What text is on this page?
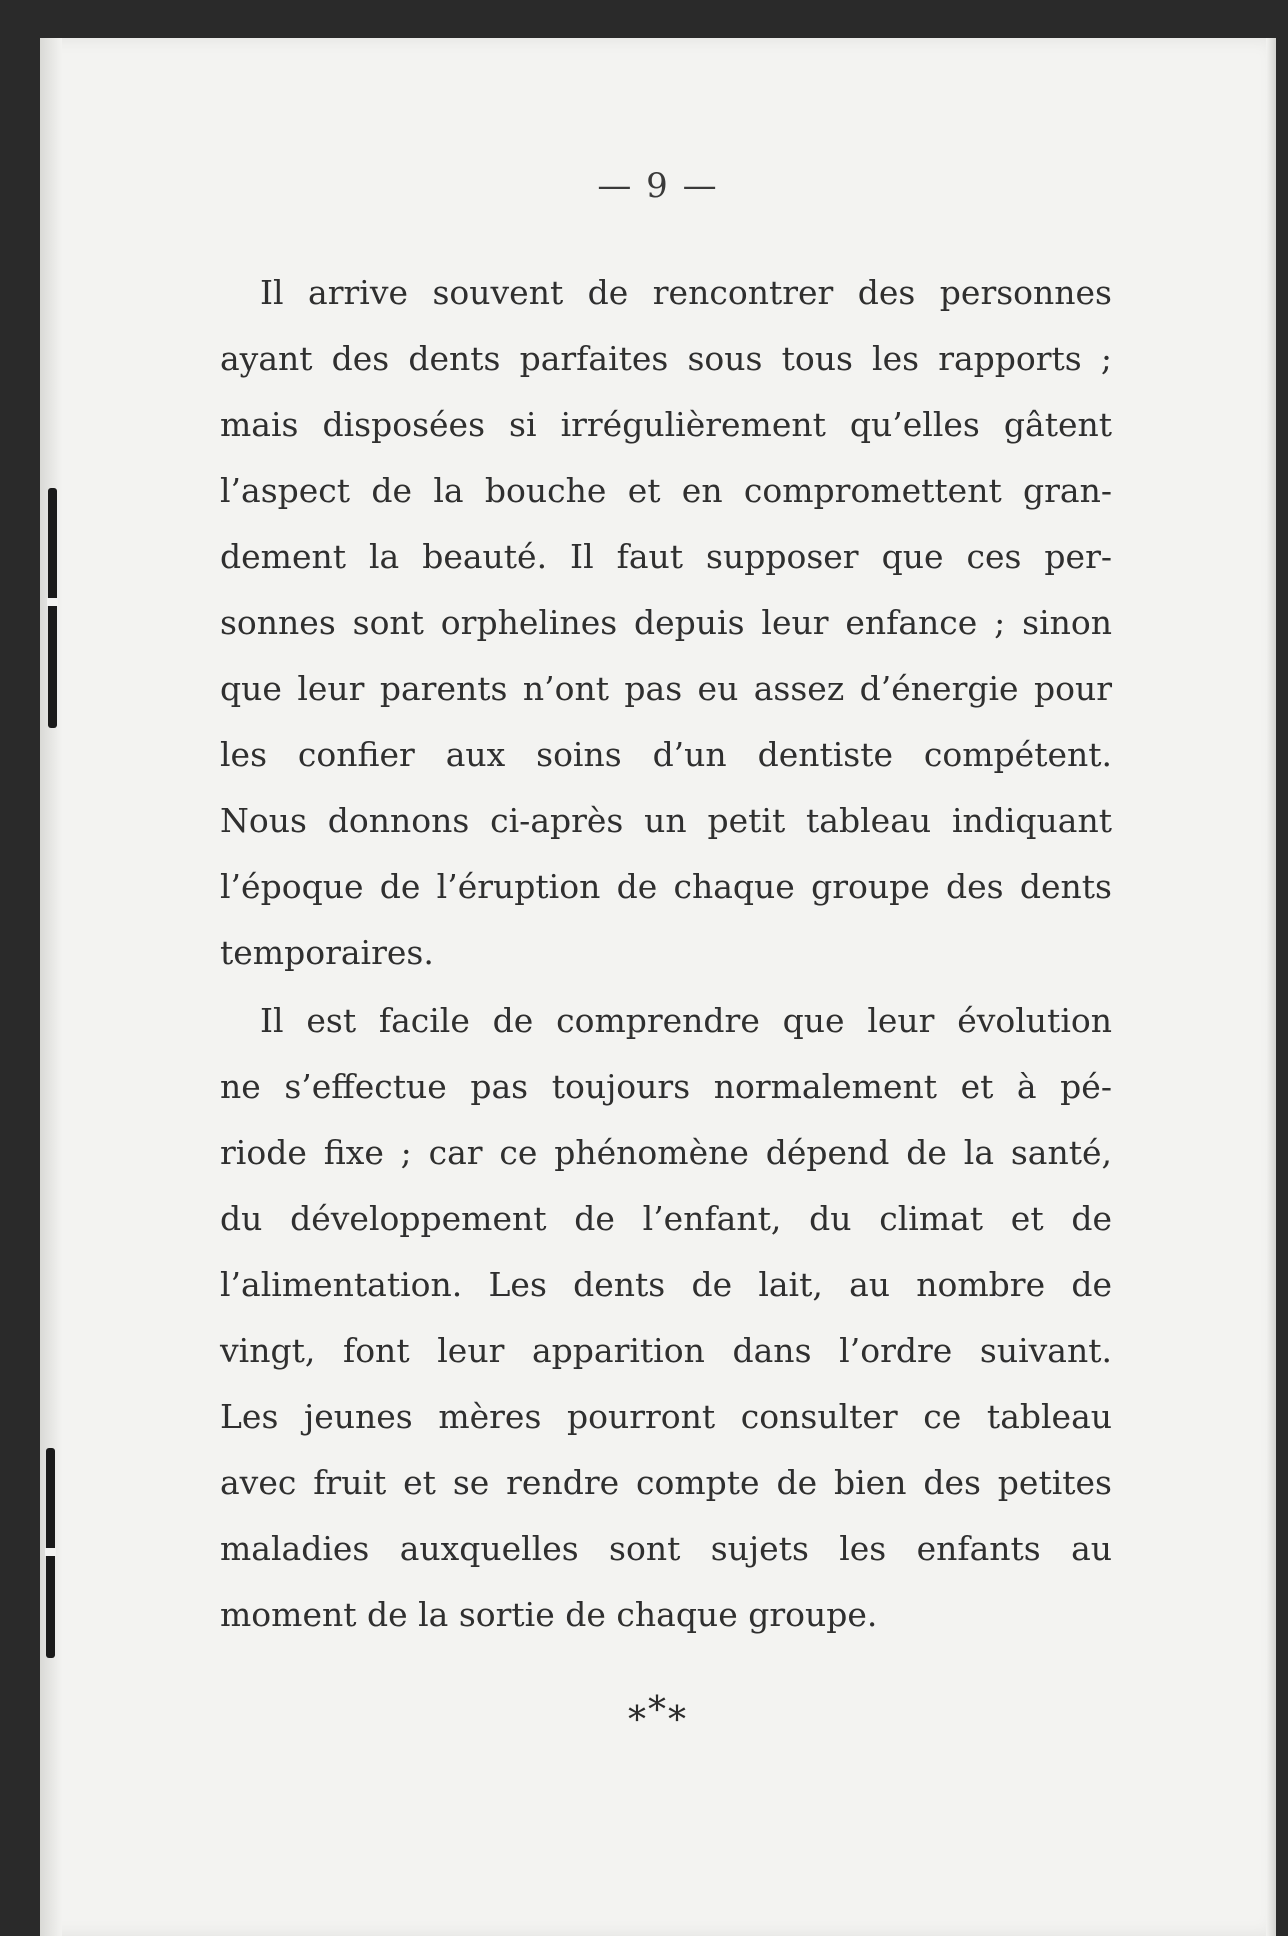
— 9 —
Il arrive souvent de rencontrer des personnes
ayant des dents parfaites sous tous les rapports ;
mais disposées si irrégulièrement qu’elles gâtent
l’aspect de la bouche et en compromettent gran-
dement la beauté. Il faut supposer que ces per-
sonnes sont orphelines depuis leur enfance ; sinon
que leur parents n’ont pas eu assez d’énergie pour
les confier aux soins d’un dentiste compétent.
Nous donnons ci-après un petit tableau indiquant
l’époque de l’éruption de chaque groupe des dents
temporaires.
Il est facile de comprendre que leur évolution
ne s’effectue pas toujours normalement et à pé-
riode fixe ; car ce phénomène dépend de la santé,
du développement de l’enfant, du climat et de
l’alimentation. Les dents de lait, au nombre de
vingt, font leur apparition dans l’ordre suivant.
Les jeunes mères pourront consulter ce tableau
avec fruit et se rendre compte de bien des petites
maladies auxquelles sont sujets les enfants au
moment de la sortie de chaque groupe.
***
